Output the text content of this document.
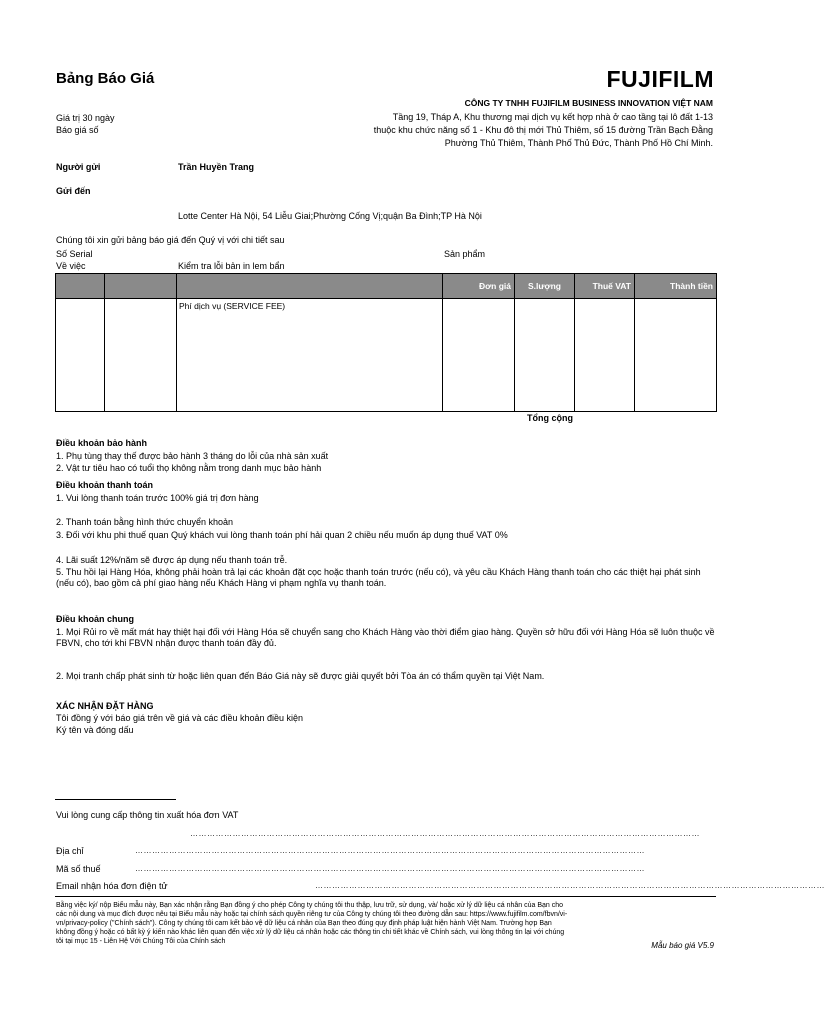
Bảng Báo Giá	FUJIFILM
CÔNG TY TNHH FUJIFILM BUSINESS INNOVATION VIỆT NAM
Tầng 19, Tháp A, Khu thương mại dịch vụ kết hợp nhà ở cao tầng tại lô đất 1-13
thuộc khu chức năng số 1 - Khu đô thị mới Thủ Thiêm, số 15 đường Trần Bạch Đằng
Phường Thủ Thiêm, Thành Phố Thủ Đức, Thành Phố Hồ Chí Minh.
Giá trị 30 ngày
Báo giá số
Người gửi	Trần Huyền Trang
Gửi đến
Lotte Center Hà Nội, 54 Liễu Giai;Phường Cống Vị;quận Ba Đình;TP Hà Nội
Chúng tôi xin gửi bảng báo giá đến Quý vị với chi tiết sau
Số Serial	Sản phẩm
Về việc	Kiểm tra lỗi bản in lem bẩn
			Đơn giá	S.lượng	Thuế VAT	Thành tiền
		Phí dịch vụ (SERVICE FEE)				
Tổng cộng
Điều khoản bảo hành
1. Phụ tùng thay thế được bảo hành 3 tháng do lỗi của nhà sản xuất
2. Vật tư tiêu hao có tuổi thọ không nằm trong danh mục bảo hành
Điều khoản thanh toán
1. Vui lòng thanh toán trước 100% giá trị đơn hàng
2. Thanh toán bằng hình thức chuyển khoản
3. Đối với khu phi thuế quan Quý khách vui lòng thanh toán phí hải quan 2 chiều nếu muốn áp dụng thuế VAT 0%
4. Lãi suất 12%/năm sẽ được áp dụng nếu thanh toán trễ.
5. Thu hồi lại Hàng Hóa, không phải hoàn trả lại các khoản đặt cọc hoặc thanh toán trước (nếu có), và yêu cầu Khách Hàng thanh toán cho các thiệt hại phát sinh
(nếu có), bao gồm cả phí giao hàng nếu Khách Hàng vi phạm nghĩa vụ thanh toán.
Điều khoản chung
1. Mọi Rủi ro về mất mát hay thiệt hại đối với Hàng Hóa sẽ chuyển sang cho Khách Hàng vào thời điểm giao hàng. Quyền sở hữu đối với Hàng Hóa sẽ luôn thuộc về
FBVN, cho tới khi FBVN nhận được thanh toán đầy đủ.
2. Mọi tranh chấp phát sinh từ hoặc liên quan đến Báo Giá này sẽ được giải quyết bởi Tòa án có thẩm quyền tại Việt Nam.
XÁC NHẬN ĐẶT HÀNG
Tôi đồng ý với báo giá trên về giá và các điều khoản điều kiện
Ký tên và đóng dấu
Vui lòng cung cấp thông tin xuất hóa đơn VAT
………………………………………………………………………………………………………………………………………………………………
Địa chỉ	………………………………………………………………………………………………………………………………………………………………
Mã số thuế	………………………………………………………………………………………………………………………………………………………………
Email nhận hóa đơn điện tử	………………………………………………………………………………………………………………………………………………………………
Bằng việc ký/ nộp Biểu mẫu này, Bạn xác nhận rằng Bạn đồng ý cho phép Công ty chúng tôi thu thập, lưu trữ, sử dụng, và/ hoặc xử lý dữ liệu cá nhân của Bạn cho
các nội dung và mục đích được nêu tại Biểu mẫu này hoặc tại chính sách quyền riêng tư của Công ty chúng tôi theo đường dẫn sau: https://www.fujifilm.com/fbvn/vi-
vn/privacy-policy ("Chính sách"). Công ty chúng tôi cam kết bảo vệ dữ liệu cá nhân của Bạn theo đúng quy định pháp luật hiện hành Việt Nam. Trường hợp Bạn
không đồng ý hoặc có bất kỳ ý kiến nào khác liên quan đến việc xử lý dữ liệu cá nhân hoặc các thông tin chi tiết khác về Chính sách, vui lòng thông tin lại với chúng
tôi tại mục 15 - Liên Hệ Với Chúng Tôi của Chính sách	Mẫu báo giá V5.9
